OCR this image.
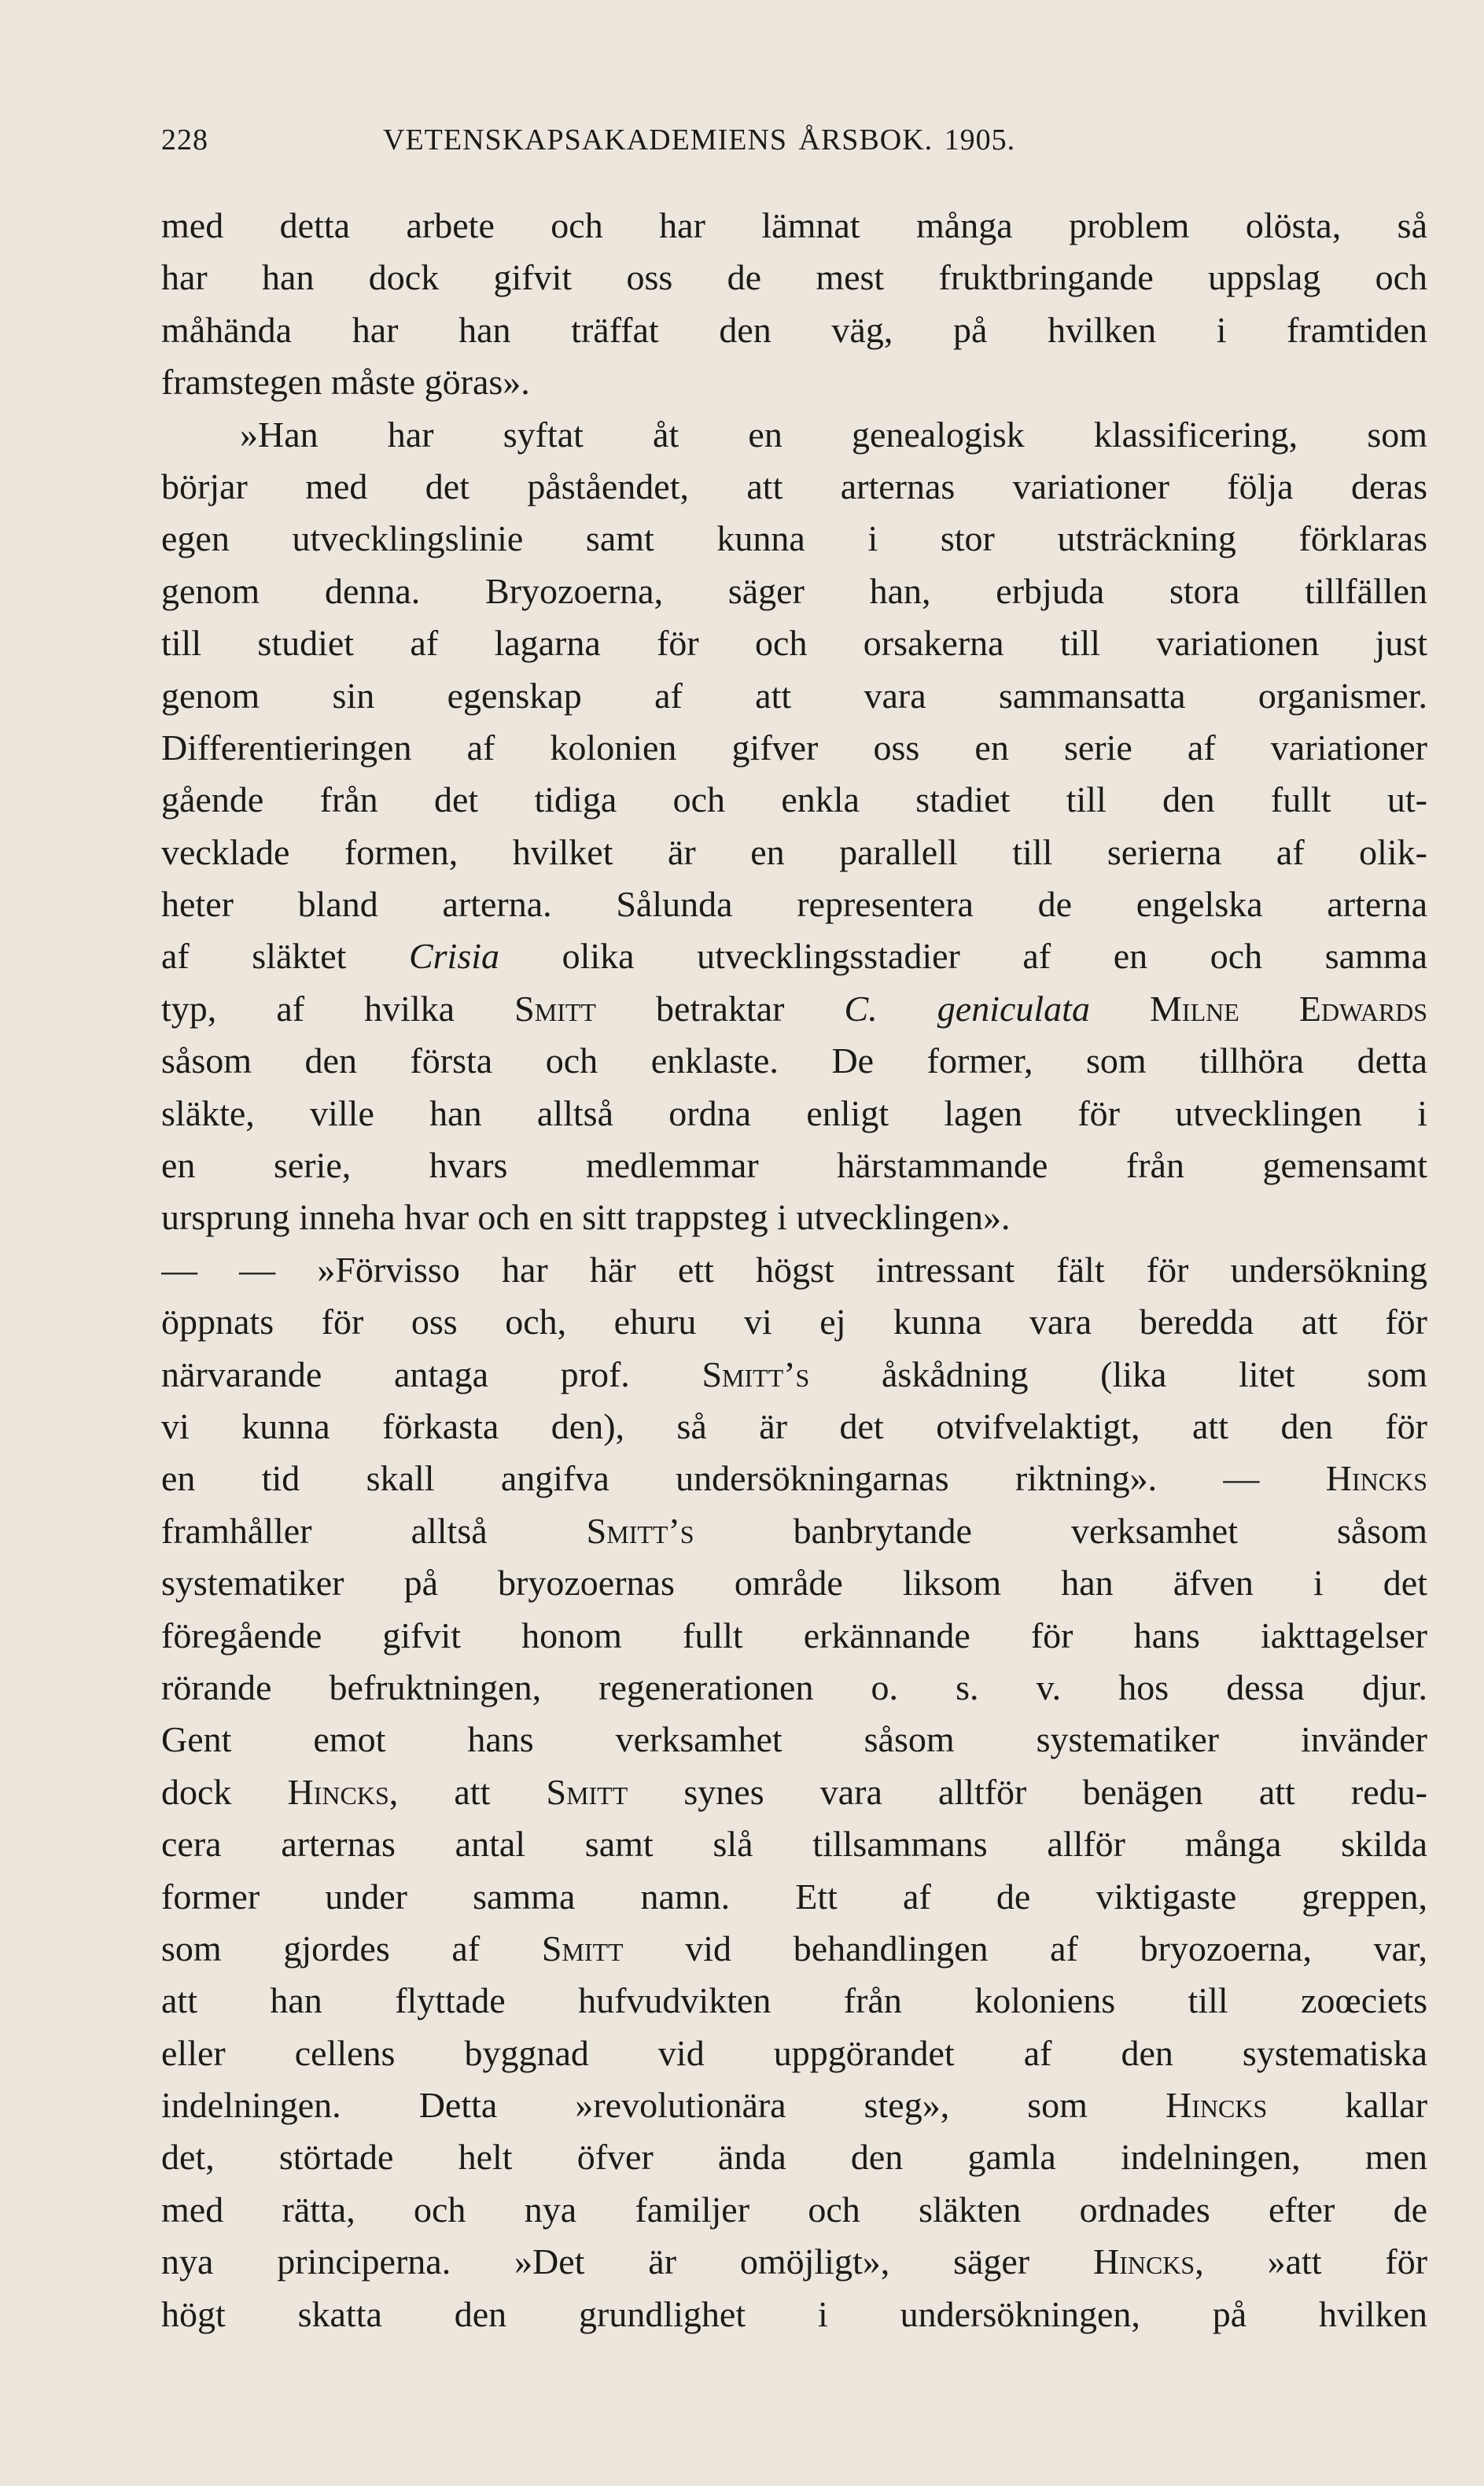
228	VETENSKAPSAKADEMIENS ÅRSBOK. 1905.
med detta arbete och har lämnat många problem olösta, så
har han dock gifvit oss de mest fruktbringande uppslag och
måhända har han träffat den väg, på hvilken i framtiden
framstegen måste göras».
»Han har syftat åt en genealogisk klassificering, som
börjar med det påståendet, att arternas variationer följa deras
egen utvecklingslinie samt kunna i stor utsträckning förklaras
genom denna. Bryozoerna, säger han, erbjuda stora tillfällen
till studiet af lagarna för och orsakerna till variationen just
genom sin egenskap af att vara sammansatta organismer.
Differentieringen af kolonien gifver oss en serie af variationer
gående från det tidiga och enkla stadiet till den fullt ut-
vecklade formen, hvilket är en parallell till serierna af olik-
heter bland arterna. Sålunda representera de engelska arterna
af släktet Crisia olika utvecklingsstadier af en och samma
typ, af hvilka Smitt betraktar C. geniculata Milne Edwards
såsom den första och enklaste. De former, som tillhöra detta
släkte, ville han alltså ordna enligt lagen för utvecklingen i
en serie, hvars medlemmar härstammande från gemensamt
ursprung inneha hvar och en sitt trappsteg i utvecklingen».
— — »Förvisso har här ett högst intressant fält för undersökning
öppnats för oss och, ehuru vi ej kunna vara beredda att för
närvarande antaga prof. Smitt’s åskådning (lika litet som
vi kunna förkasta den), så är det otvifvelaktigt, att den för
en tid skall angifva undersökningarnas riktning». — Hincks
framhåller alltså	Smitt’s	banbrytande verksamhet såsom
systematiker på bryozoernas område liksom han äfven i det
föregående gifvit honom fullt erkännande för hans iakttagelser
rörande befruktningen, regenerationen o. s. v. hos dessa djur.
Gent emot hans verksamhet såsom systematiker invänder
dock Hincks, att Smitt synes vara alltför benägen att redu-
cera arternas antal samt slå tillsammans allför många skilda
former under samma namn. Ett af de viktigaste greppen,
som gjordes af Smitt vid behandlingen af bryozoerna, var,
att han flyttade hufvudvikten från koloniens till zoœciets
eller cellens byggnad vid uppgörandet af den systematiska
indelningen. Detta »revolutionära steg», som Hincks kallar
det, störtade helt öfver ända den gamla indelningen, men
med rätta, och nya familjer och släkten ordnades efter de
nya principerna. »Det är omöjligt», säger Hincks, »att för
högt skatta den grundlighet i undersökningen, på hvilken
